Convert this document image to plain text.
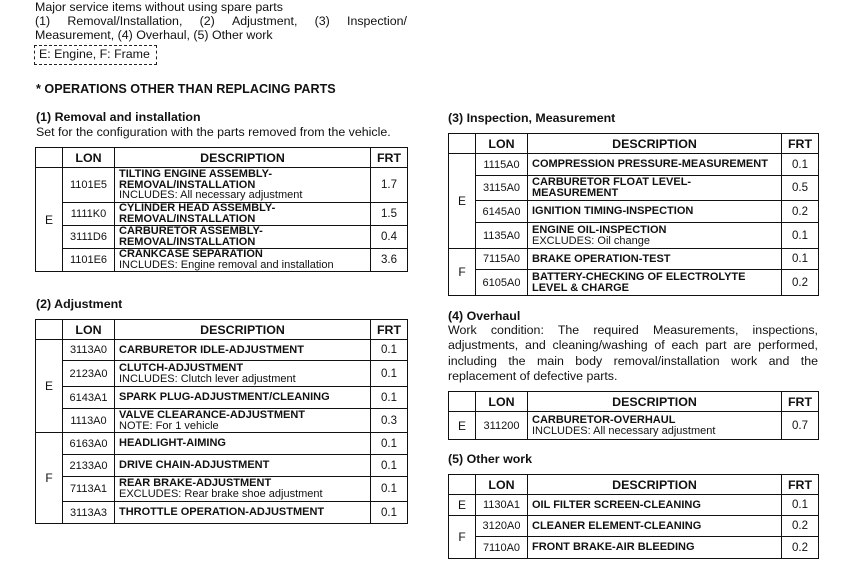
Major service items without using spare parts
(1) Removal/Installation, (2) Adjustment, (3) Inspection/
Measurement, (4) Overhaul, (5) Other work
E: Engine, F: Frame
* OPERATIONS OTHER THAN REPLACING PARTS
(1) Removal and installation
Set for the configuration with the parts removed from the vehicle.
	LON	DESCRIPTION	FRT
E	1101E5	TILTING ENGINE ASSEMBLY-
REMOVAL/INSTALLATION
INCLUDES: All necessary adjustment	1.7
	1111K0	CYLINDER HEAD ASSEMBLY-
REMOVAL/INSTALLATION	1.5
	3111D6	CARBURETOR ASSEMBLY-
REMOVAL/INSTALLATION	0.4
	1101E6	CRANKCASE SEPARATION
INCLUDES: Engine removal and installation	3.6
(2) Adjustment
	LON	DESCRIPTION	FRT
E	3113A0	CARBURETOR IDLE-ADJUSTMENT	0.1
	2123A0	CLUTCH-ADJUSTMENT
INCLUDES: Clutch lever adjustment	0.1
	6143A1	SPARK PLUG-ADJUSTMENT/CLEANING	0.1
	1113A0	VALVE CLEARANCE-ADJUSTMENT
NOTE: For 1 vehicle	0.3
F	6163A0	HEADLIGHT-AIMING	0.1
	2133A0	DRIVE CHAIN-ADJUSTMENT	0.1
	7113A1	REAR BRAKE-ADJUSTMENT
EXCLUDES: Rear brake shoe adjustment	0.1
	3113A3	THROTTLE OPERATION-ADJUSTMENT	0.1
(3) Inspection, Measurement
	LON	DESCRIPTION	FRT
E	1115A0	COMPRESSION PRESSURE-MEASUREMENT	0.1
	3115A0	CARBURETOR FLOAT LEVEL-
MEASUREMENT	0.5
	6145A0	IGNITION TIMING-INSPECTION	0.2
	1135A0	ENGINE OIL-INSPECTION
EXCLUDES: Oil change	0.1
F	7115A0	BRAKE OPERATION-TEST	0.1
	6105A0	BATTERY-CHECKING OF ELECTROLYTE
LEVEL & CHARGE	0.2
(4) Overhaul

Work condition: The required Measurements, inspections, adjustments, and cleaning/washing of each part are performed, including the main body removal/installation work and the replacement of defective parts.

	LON	DESCRIPTION	FRT
E	311200	CARBURETOR-OVERHAUL
INCLUDES: All necessary adjustment	0.7
(5) Other work
	LON	DESCRIPTION	FRT
E	1130A1	OIL FILTER SCREEN-CLEANING	0.1
F	3120A0	CLEANER ELEMENT-CLEANING	0.2
	7110A0	FRONT BRAKE-AIR BLEEDING	0.2
